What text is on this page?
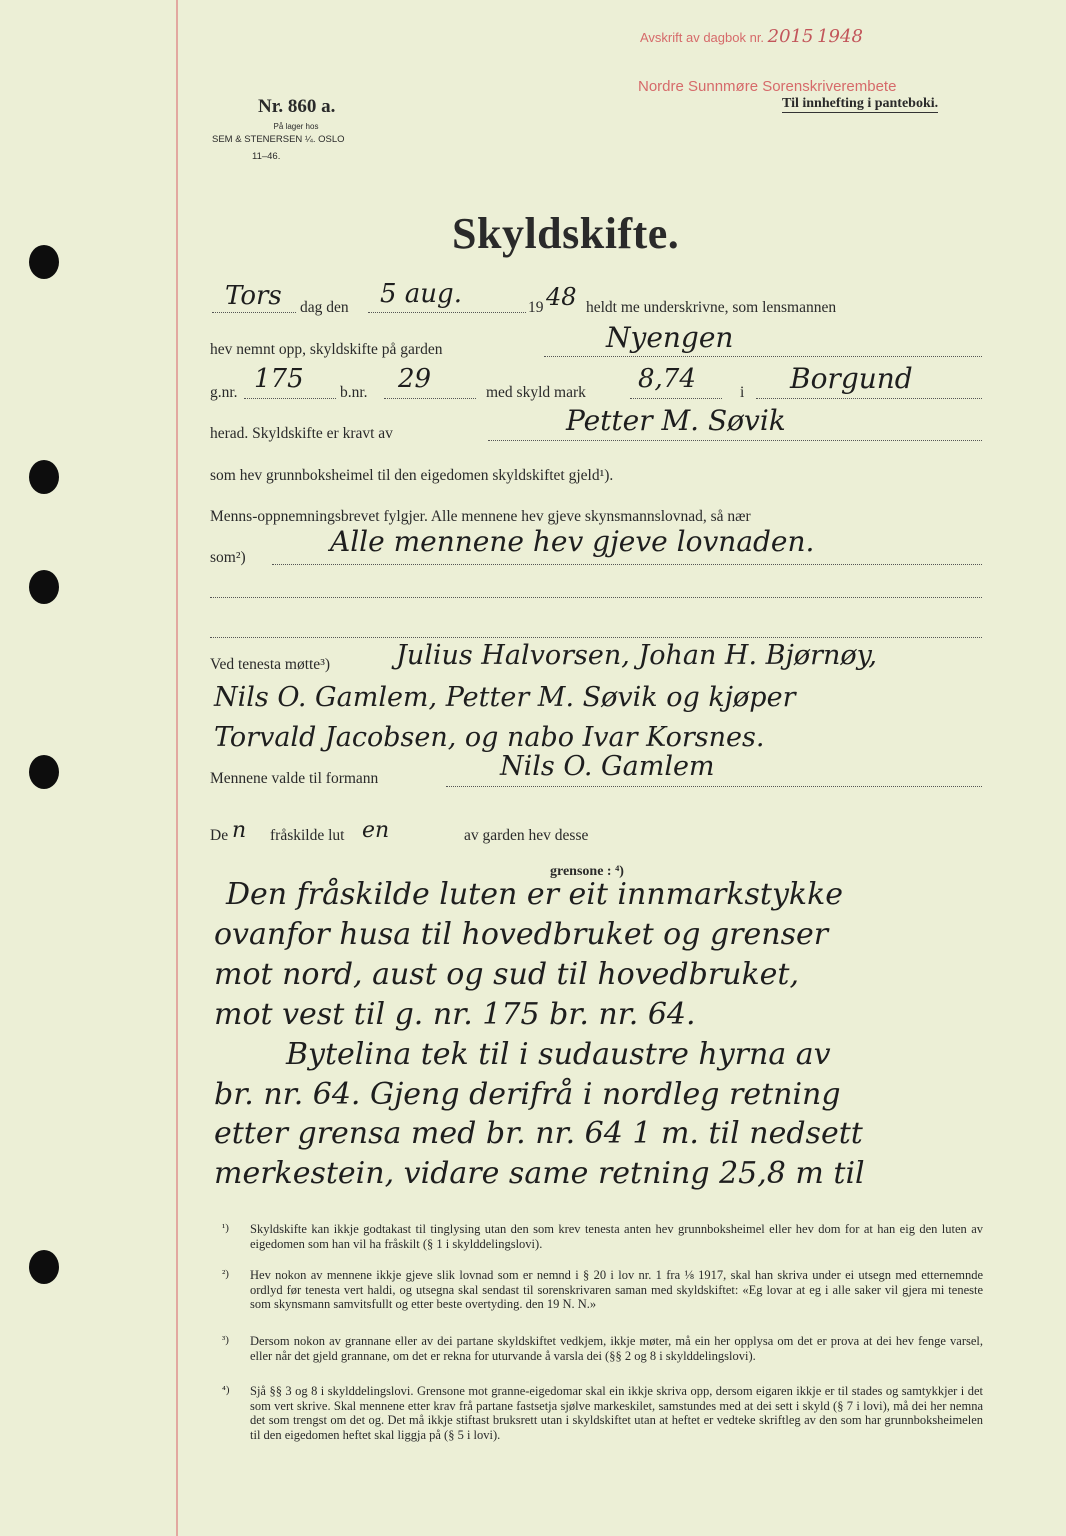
Avskrift av dagbok nr. 2015 1948
Nordre Sunnmøre Sorenskriverembete
Til innhefting i panteboki.
Nr. 860 a.
På lager hos
SEM & STENERSEN ¼. OSLO
11–46.
Skyldskifte.
Tors dag den 5 aug.	19 48 heldt me underskrivne, som lensmannen
hev nemnt opp, skyldskifte på garden	Nyengen
g.nr. 175 b.nr. 29	med skyld mark 8,74	i Borgund
herad. Skyldskifte er kravt av	Petter M. Søvik
som hev grunnboksheimel til den eigedomen skyldskiftet gjeld¹).
Menns-oppnemningsbrevet fylgjer. Alle mennene hev gjeve skynsmannslovnad, så nær
som²)	Alle mennene hev gjeve lovnaden.
Ved tenesta møtte³) Julius Halvorsen, Johan H. Bjørnøy,
Nils O. Gamlem, Petter M. Søvik og kjøper
Torvald Jacobsen, og nabo Ivar Korsnes.
Mennene valde til formann	Nils O. Gamlem
De n fråskilde lut en	av garden hev desse
grensone : ⁴)
Den fråskilde luten er eit innmarkstykke
ovanfor husa til hovedbruket og grenser
mot nord, aust og sud til hovedbruket,
mot vest til g. nr. 175 br. nr. 64.
Bytelina tek til i sudaustre hyrna av
br. nr. 64. Gjeng derifrå i nordleg retning
etter grensa med br. nr. 64 1 m. til nedsett
merkestein, vidare same retning 25,8 m til
¹) Skyldskifte kan ikkje godtakast til tinglysing utan den som krev tenesta anten hev grunnboksheimel eller hev dom for at han eig den luten av eigedomen som han vil ha fråskilt (§ 1 i skylddelingslovi).
²) Hev nokon av mennene ikkje gjeve slik lovnad som er nemnd i § 20 i lov nr. 1 fra ⅛ 1917, skal han skriva under ei utsegn med etternemnde ordlyd før tenesta vert haldi, og utsegna skal sendast til sorenskrivaren saman med skyldskiftet: «Eg lovar at eg i alle saker vil gjera mi teneste som skynsmann samvitsfullt og etter beste overtyding. den 19 N. N.»
³) Dersom nokon av grannane eller av dei partane skyldskiftet vedkjem, ikkje møter, må ein her opplysa om det er prova at dei hev fenge varsel, eller når det gjeld grannane, om det er rekna for uturvande å varsla dei (§§ 2 og 8 i skylddelingslovi).
⁴) Sjå §§ 3 og 8 i skylddelingslovi. Grensone mot granne-eigedomar skal ein ikkje skriva opp, dersom eigaren ikkje er til stades og samtykkjer i det som vert skrive. Skal mennene etter krav frå partane fastsetja sjølve markeskilet, samstundes med at dei sett i skyld (§ 7 i lovi), må dei her nemna det som trengst om det og. Det må ikkje stiftast bruksrett utan i skyldskiftet utan at heftet er vedteke skriftleg av den som har grunnboksheimelen til den eigedomen heftet skal liggja på (§ 5 i lovi).
